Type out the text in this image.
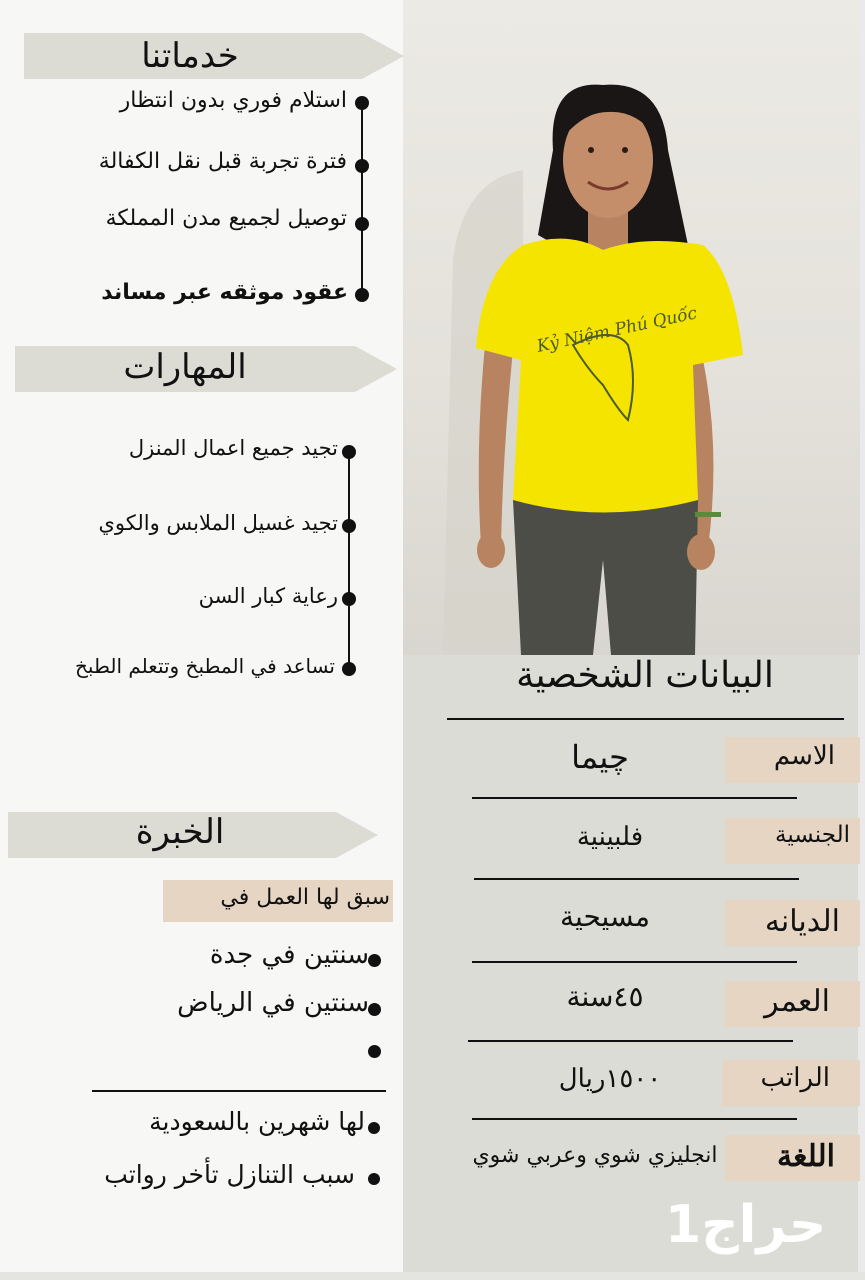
Kỷ Niệm Phú Quốc
خدماتنا
استلام فوري بدون انتظار
فترة تجربة قبل نقل الكفالة
توصيل لجميع مدن المملكة
عقود موثقه عبر مساند
المهارات
تجيد جميع اعمال المنزل
تجيد غسيل الملابس والكوي
رعاية كبار السن
تساعد في المطبخ وتتعلم الطبخ
الخبرة
سبق لها العمل في
سنتين في جدة
سنتين في الرياض
لها شهرين بالسعودية
سبب التنازل تأخر رواتب
البيانات الشخصية
الاسم
چيما
الجنسية
فلبينية
الديانه
مسيحية
العمر
٤٥سنة
الراتب
١٥٠٠ريال
اللغة
انجليزي شوي وعربي شوي
حراج1
